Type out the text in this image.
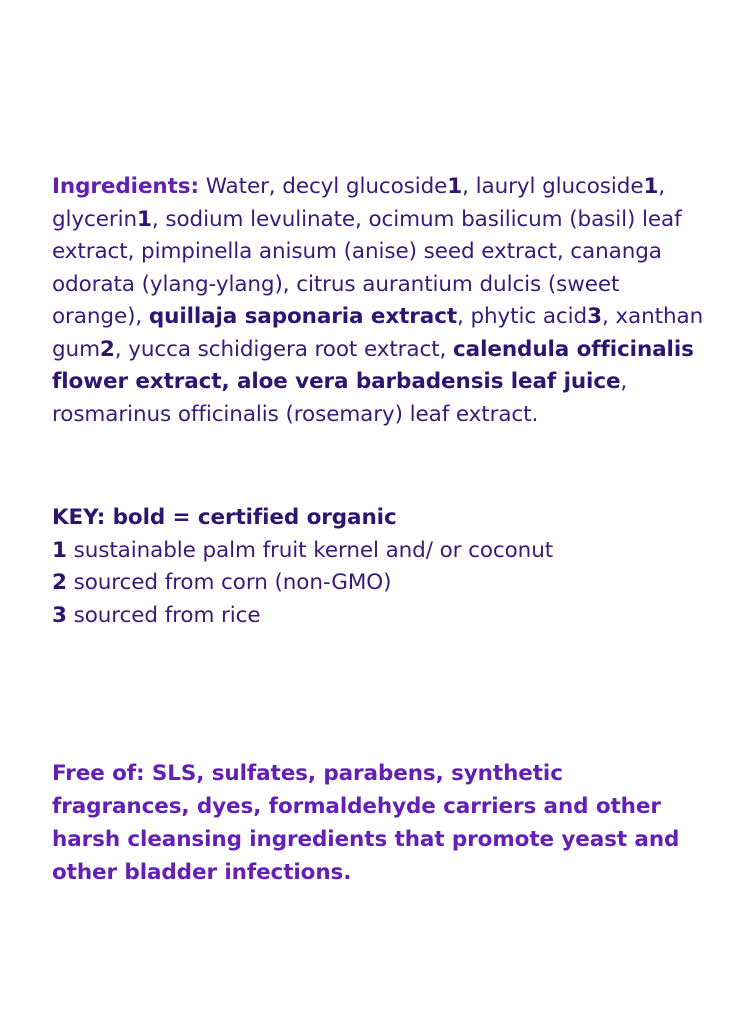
Ingredients: Water, decyl glucoside1, lauryl glucoside1, glycerin1, sodium levulinate, ocimum basilicum (basil) leaf extract, pimpinella anisum (anise) seed extract, cananga odorata (ylang-ylang), citrus aurantium dulcis (sweet orange), quillaja saponaria extract, phytic acid3, xanthan gum2, yucca schidigera root extract, calendula officinalis flower extract, aloe vera barbadensis leaf juice, rosmarinus officinalis (rosemary) leaf extract.

KEY: bold = certified organic
1 sustainable palm fruit kernel and/ or coconut
2 sourced from corn (non-GMO)
3 sourced from rice

Free of: SLS, sulfates, parabens, synthetic fragrances, dyes, formaldehyde carriers and other harsh cleansing ingredients that promote yeast and other bladder infections.
